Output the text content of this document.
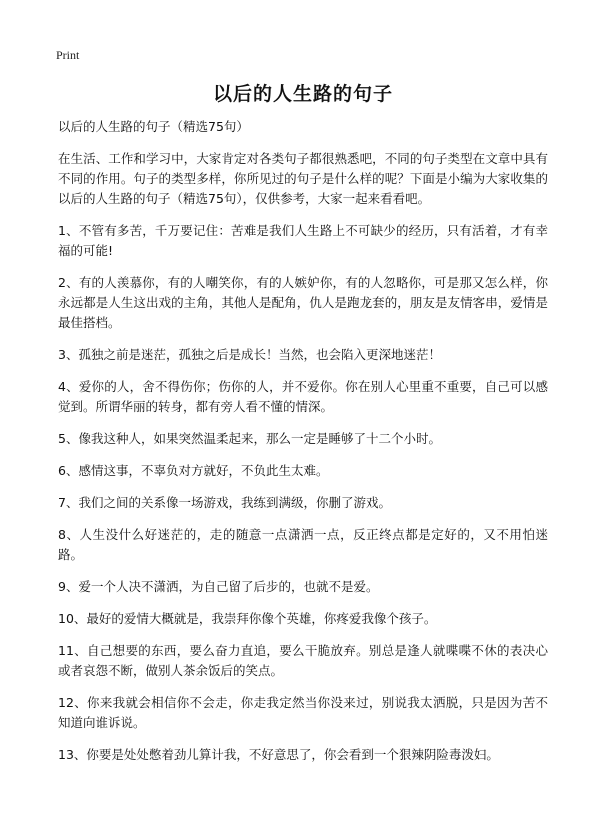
Print
以后的人生路的句子

以后的人生路的句子（精选75句）

在生活、工作和学习中，大家肯定对各类句子都很熟悉吧，不同的句子类型在文章中具有不同的作用。句子的类型多样，你所见过的句子是什么样的呢？下面是小编为大家收集的以后的人生路的句子（精选75句），仅供参考，大家一起来看看吧。

1、不管有多苦，千万要记住：苦难是我们人生路上不可缺少的经历，只有活着，才有幸福的可能!

2、有的人羡慕你，有的人嘲笑你，有的人嫉妒你，有的人忽略你，可是那又怎么样，你永远都是人生这出戏的主角，其他人是配角，仇人是跑龙套的，朋友是友情客串，爱情是最佳搭档。

3、孤独之前是迷茫，孤独之后是成长！当然，也会陷入更深地迷茫！

4、爱你的人，舍不得伤你；伤你的人，并不爱你。你在别人心里重不重要，自己可以感觉到。所谓华丽的转身，都有旁人看不懂的情深。

5、像我这种人，如果突然温柔起来，那么一定是睡够了十二个小时。

6、感情这事，不辜负对方就好，不负此生太难。

7、我们之间的关系像一场游戏，我练到满级，你删了游戏。

8、人生没什么好迷茫的，走的随意一点潇洒一点，反正终点都是定好的，又不用怕迷路。

9、爱一个人决不潇洒，为自己留了后步的，也就不是爱。

10、最好的爱情大概就是，我崇拜你像个英雄，你疼爱我像个孩子。

11、自己想要的东西，要么奋力直追，要么干脆放弃。别总是逢人就喋喋不休的表决心或者哀怨不断，做别人茶余饭后的笑点。

12、你来我就会相信你不会走，你走我定然当你没来过，别说我太洒脱，只是因为苦不知道向谁诉说。

13、你要是处处憋着劲儿算计我，不好意思了，你会看到一个狠辣阴险毒泼妇。
